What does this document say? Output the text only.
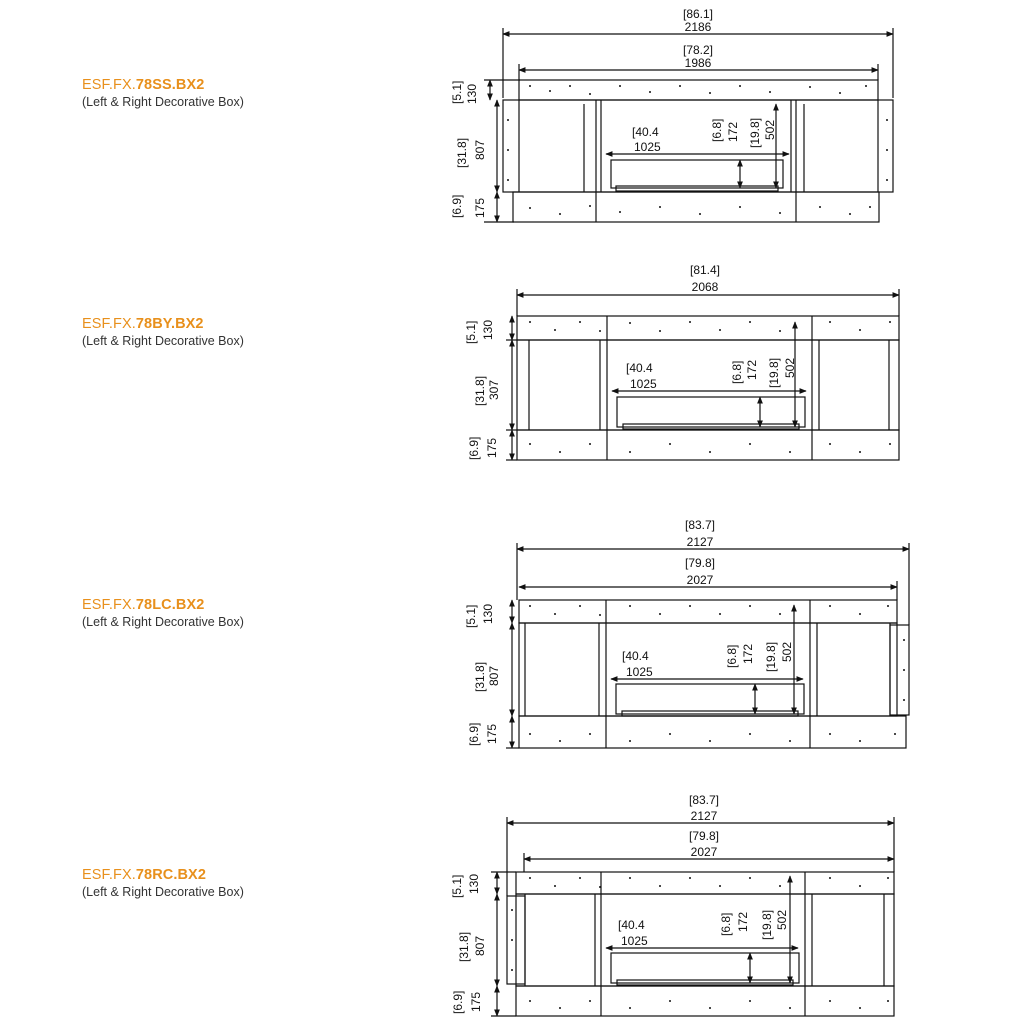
ESF.FX.78SS.BX2
(Left & Right Decorative Box)
ESF.FX.78BY.BX2
(Left & Right Decorative Box)
ESF.FX.78LC.BX2
(Left & Right Decorative Box)
ESF.FX.78RC.BX2
(Left & Right Decorative Box)
[86.1]
2186
[78.2]
1986
[40.4
1025
[6.8] 172 [19.8] 502
[5.1] 130
[31.8] 807
[6.9] 175
[81.4]
2068
[40.4
1025	[6.8] 172 [19.8] 502
[5.1] 130
[31.8] 307
[6.9] 175
[83.7]
2127
[79.8]
2027
[40.4
1025
[6.8] 172 [19.8] 502
[5.1] 130
[31.8] 807
[6.9] 175
[83.7]
2127
[79.8]
2027
[40.4
1025
[6.8] 172 [19.8] 502
[5.1] 130
[31.8] 807
[6.9] 175
